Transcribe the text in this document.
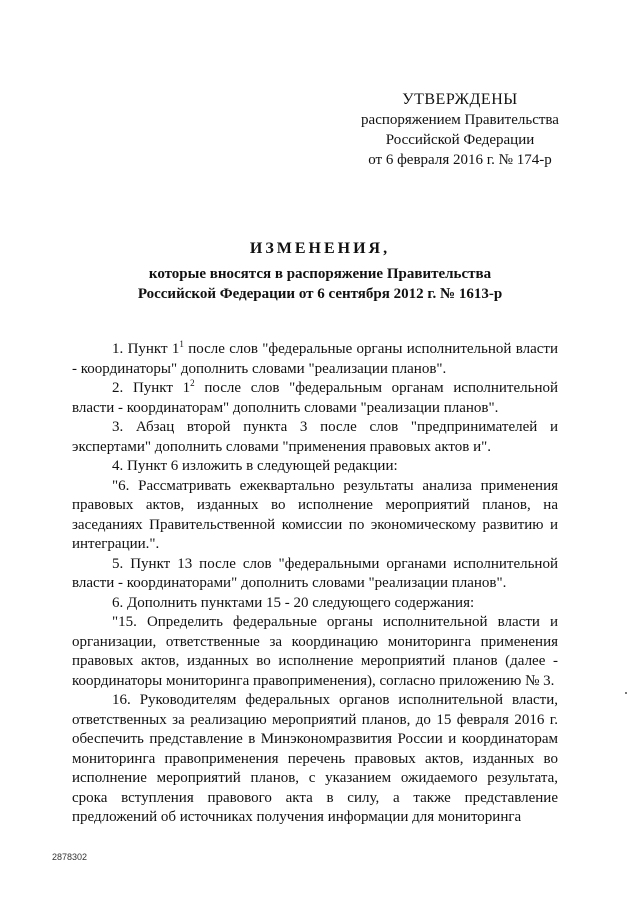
УТВЕРЖДЕНЫ
распоряжением Правительства
Российской Федерации
от 6 февраля 2016 г. № 174-р
ИЗМЕНЕНИЯ,
которые вносятся в распоряжение Правительства
Российской Федерации от 6 сентября 2012 г. № 1613-р

1. Пункт $1^1$ после слов "федеральные органы исполнительной власти - координаторы" дополнить словами "реализации планов".

2. Пункт $1^2$ после слов "федеральным органам исполнительной власти - координаторам" дополнить словами "реализации планов".

3. Абзац второй пункта 3 после слов "предпринимателей и экспертами" дополнить словами "применения правовых актов и".

4. Пункт 6 изложить в следующей редакции:

"6. Рассматривать ежеквартально результаты анализа применения правовых актов, изданных во исполнение мероприятий планов, на заседаниях Правительственной комиссии по экономическому развитию и интеграции.".

5. Пункт 13 после слов "федеральными органами исполнительной власти - координаторами" дополнить словами "реализации планов".

6. Дополнить пунктами 15 - 20 следующего содержания:

"15. Определить федеральные органы исполнительной власти и организации, ответственные за координацию мониторинга применения правовых актов, изданных во исполнение мероприятий планов (далее - координаторы мониторинга правоприменения), согласно приложению № 3.

16. Руководителям федеральных органов исполнительной власти, ответственных за реализацию мероприятий планов, до 15 февраля 2016 г. обеспечить представление в Минэкономразвития России и координаторам мониторинга правоприменения перечень правовых актов, изданных во исполнение мероприятий планов, с указанием ожидаемого результата, срока вступления правового акта в силу, а также представление предложений об источниках получения информации для мониторинга

2878302
